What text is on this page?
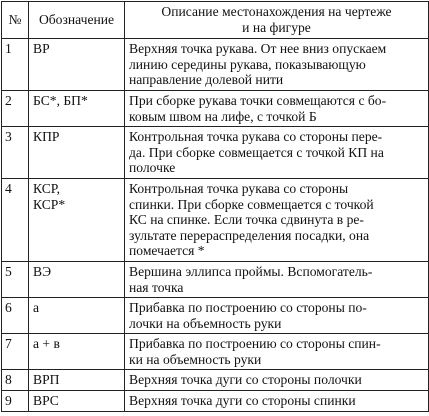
№	Обозначение	Описание местонахождения на чертеже
и на фигуре
1	ВР	Верхняя точка рукава. От нее вниз опускаем
линию середины рукава, показывающую
направление долевой нити
2	БС*, БП*	При сборке рукава точки совмещаются с бо-
ковым швом на лифе, с точкой Б
3	КПР	Контрольная точка рукава со стороны пере-
да. При сборке совмещается с точкой КП на
полочке
4	КСР,
КСР*	Контрольная точка рукава со стороны
спинки. При сборке совмещается с точкой
КС на спинке. Если точка сдвинута в ре-
зультате перераспределения посадки, она
помечается *
5	ВЭ	Вершина эллипса проймы. Вспомогатель-
ная точка
6	а	Прибавка по построению со стороны по-
лочки на объемность руки
7	а + в	Прибавка по построению со стороны спин-
ки на объемность руки
8	ВРП	Верхняя точка дуги со стороны полочки
9	ВРС	Верхняя точка дуги со стороны спинки
